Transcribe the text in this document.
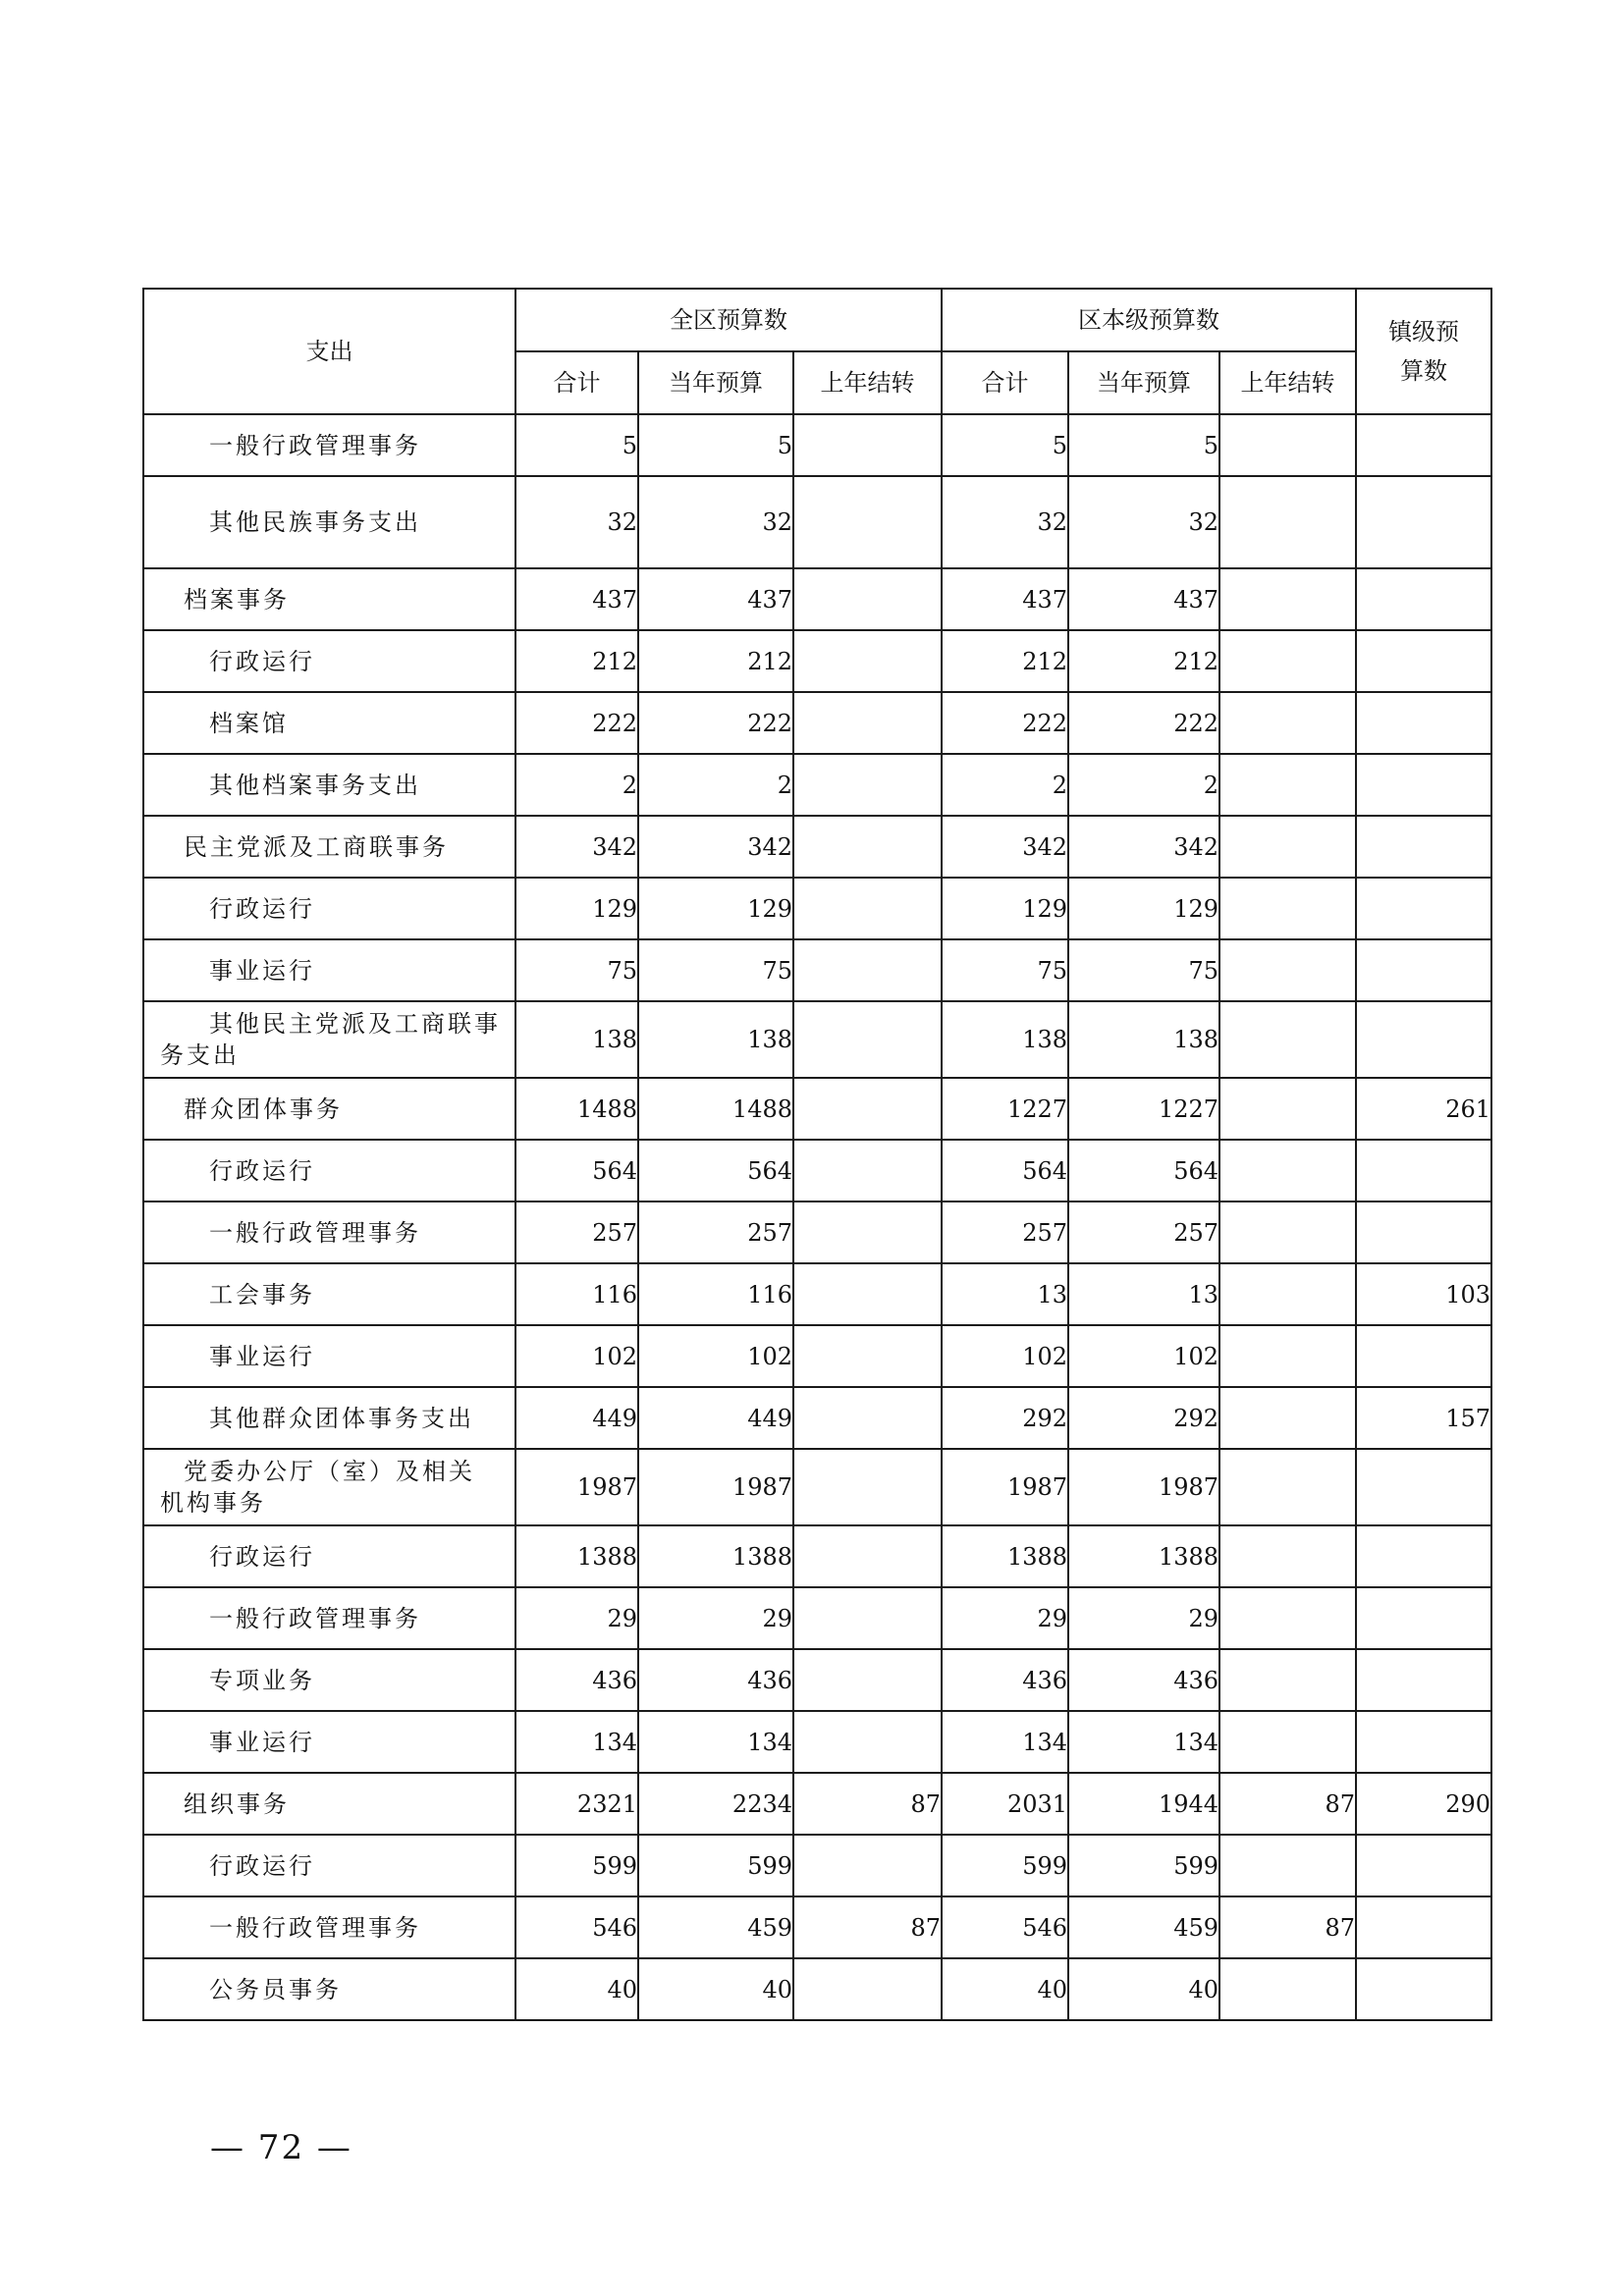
支出	全区预算数			区本级预算数			镇级预算数
	合计	当年预算	上年结转	合计	当年预算	上年结转	
一般行政管理事务	5	5		5	5		
其他民族事务支出	32	32		32	32		
档案事务	437	437		437	437		
行政运行	212	212		212	212		
档案馆	222	222		222	222		
其他档案事务支出	2	2		2	2		
民主党派及工商联事务	342	342		342	342		
行政运行	129	129		129	129		
事业运行	75	75		75	75		
其他民主党派及工商联事务支出	138	138		138	138		
群众团体事务	1488	1488		1227	1227		261
行政运行	564	564		564	564		
一般行政管理事务	257	257		257	257		
工会事务	116	116		13	13		103
事业运行	102	102		102	102		
其他群众团体事务支出	449	449		292	292		157
党委办公厅（室）及相关机构事务	1987	1987		1987	1987		
行政运行	1388	1388		1388	1388		
一般行政管理事务	29	29		29	29		
专项业务	436	436		436	436		
事业运行	134	134		134	134		
组织事务	2321	2234	87	2031	1944	87	290
行政运行	599	599		599	599		
一般行政管理事务	546	459	87	546	459	87	
公务员事务	40	40		40	40		
— 72 —
